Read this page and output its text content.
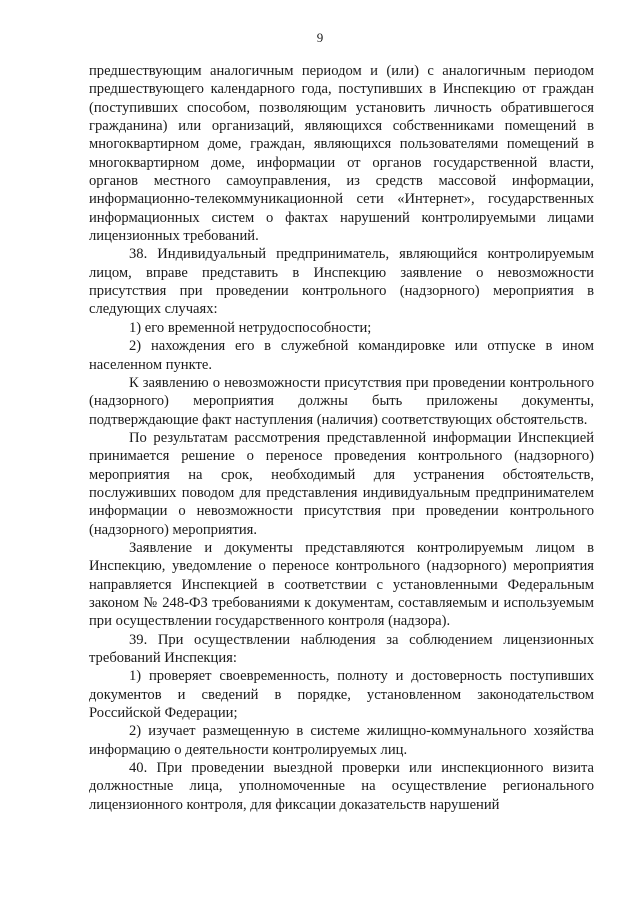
9

предшествующим аналогичным периодом и (или) с аналогичным периодом предшествующего календарного года, поступивших в Инспекцию от граждан (поступивших способом, позволяющим установить личность обратившегося гражданина) или организаций, являющихся собственниками помещений в многоквартирном доме, граждан, являющихся пользователями помещений в многоквартирном доме, информации от органов государственной власти, органов местного самоуправления, из средств массовой информации, информационно-телекоммуникационной сети «Интернет», государственных информационных систем о фактах нарушений контролируемыми лицами лицензионных требований.

38. Индивидуальный предприниматель, являющийся контролируемым лицом, вправе представить в Инспекцию заявление о невозможности присутствия при проведении контрольного (надзорного) мероприятия в следующих случаях:

1) его временной нетрудоспособности;

2) нахождения его в служебной командировке или отпуске в ином населенном пункте.

К заявлению о невозможности присутствия при проведении контрольного (надзорного) мероприятия должны быть приложены документы, подтверждающие факт наступления (наличия) соответствующих обстоятельств.

По результатам рассмотрения представленной информации Инспекцией принимается решение о переносе проведения контрольного (надзорного) мероприятия на срок, необходимый для устранения обстоятельств, послуживших поводом для представления индивидуальным предпринимателем информации о невозможности присутствия при проведении контрольного (надзорного) мероприятия.

Заявление и документы представляются контролируемым лицом в Инспекцию, уведомление о переносе контрольного (надзорного) мероприятия направляется Инспекцией в соответствии с установленными Федеральным законом № 248-ФЗ требованиями к документам, составляемым и используемым при осуществлении государственного контроля (надзора).

39. При осуществлении наблюдения за соблюдением лицензионных требований Инспекция:

1) проверяет своевременность, полноту и достоверность поступивших документов и сведений в порядке, установленном законодательством Российской Федерации;

2) изучает размещенную в системе жилищно-коммунального хозяйства информацию о деятельности контролируемых лиц.

40. При проведении выездной проверки или инспекционного визита должностные лица, уполномоченные на осуществление регионального лицензионного контроля, для фиксации доказательств нарушений
